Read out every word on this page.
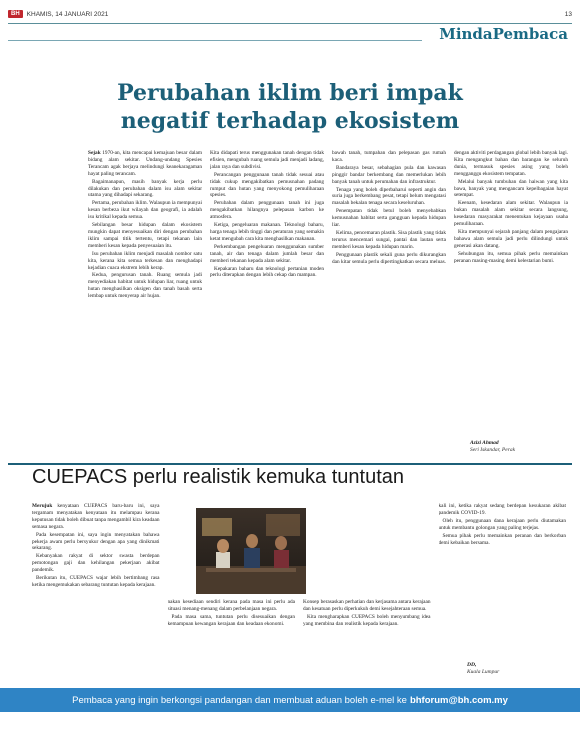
BH	KHAMIS, 14 JANUARI 2021	13
MindaPembaca
Perubahan iklim beri impak
negatif terhadap ekosistem

Sejak 1970-an, kita mencapai kemajuan besar dalam bidang alam sekitar. Undang-undang Spesies Terancam agak berjaya melindungi keanekaragaman hayat paling terancam.

Bagaimanapun, masih banyak kerja perlu dilakukan dan perubahan dalam isu alam sekitar utama yang dihadapi sekarang.

Pertama, perubahan iklim. Walaupun ia mempunyai kesan berbeza ikut wilayah dan geografi, ia adalah isu kritikal kepada semua.

Sebilangan besar hidupan dalam ekosistem mungkin dapat menyesuaikan diri dengan perubahan iklim sampai titik tertentu, tetapi tekanan lain memberi kesan kepada penyesuaian itu.

Isu perubahan iklim menjadi masalah nombor satu kita, kerana kita semua terkesan dan menghadapi kejadian cuaca ekstrem lebih kerap.

Kedua, pengurusan tanah. Ruang semula jadi menyediakan habitat untuk hidupan liar, ruang untuk hutan menghasilkan oksigen dan tanah basah serta lembap untuk menyerap air hujan.

Kita didapati terus menggunakan tanah dengan tidak efisien, mengubah ruang semula jadi menjadi ladang, jalan raya dan subdivisi.

Perancangan penggunaan tanah tidak sesuai atau tidak cukup mengakibatkan pemusnahan padang rumput dan hutan yang menyokong pemuliharaan spesies.

Perubahan dalam penggunaan tanah ini juga mengakibatkan hilangnya pelepasan karbon ke atmosfera.

Ketiga, pengeluaran makanan. Teknologi baharu, harga tenaga lebih tinggi dan peraturan yang semakin ketat mengubah cara kita menghasilkan makanan.

Perkembangan pengeluaran menggunakan sumber tanah, air dan tenaga dalam jumlah besar dan memberi tekanan kepada alam sekitar.

Kepakaran baharu dan teknologi pertanian moden perlu diterapkan dengan lebih cekap dan mampan.

bawah tanah, tumpahan dan pelepasan gas rumah kaca.

Bandaraya besar, sebahagian pula dan kawasan pinggir bandar berkembang dan memerlukan lebih banyak tanah untuk perumahan dan infrastruktur.

Tenaga yang boleh diperbaharui seperti angin dan suria juga berkembang pesat, tetapi belum mengatasi masalah bekalan tenaga secara keseluruhan.

Penempatan tidak betul boleh menyebabkan kemusnahan habitat serta gangguan kepada hidupan liar.

Kelima, pencemaran plastik. Sisa plastik yang tidak terurus mencemari sungai, pantai dan lautan serta memberi kesan kepada hidupan marin.

Penggunaan plastik sekali guna perlu dikurangkan dan kitar semula perlu dipertingkatkan secara meluas.

dengan aktiviti perdagangan global lebih banyak lagi. Kita mengangkut bahan dan barangan ke seluruh dunia, termasuk spesies asing yang boleh mengganggu ekosistem tempatan.

Melalui banyak tumbuhan dan haiwan yang kita bawa, banyak yang mengancam kepelbagaian hayat setempat.

Keenam, kesedaran alam sekitar. Walaupun ia bukan masalah alam sekitar secara langsung, kesedaran masyarakat menentukan kejayaan usaha pemuliharaan.

Kita mempunyai sejarah panjang dalam pengajaran bahawa alam semula jadi perlu dilindungi untuk generasi akan datang.

Sehubungan itu, semua pihak perlu memainkan peranan masing-masing demi kelestarian bumi.

Azizi Ahmad
Seri Iskandar, Perak
CUEPACS perlu realistik kemuka tuntutan

Merujuk kenyataan CUEPACS baru-baru ini, saya tergamam menyatakan kenyataan itu melampau kerana keputusan tidak boleh dibuat tanpa mengambil kira keadaan semasa negara.

Pada kesempatan ini, saya ingin menyatakan bahawa pekerja awam perlu bersyukur dengan apa yang dinikmati sekarang.

Kebanyakan rakyat di sektor swasta berdepan pemotongan gaji dan kehilangan pekerjaan akibat pandemik.

Berikutan itu, CUEPACS wajar lebih bertimbang rasa ketika mengemukakan sebarang tuntutan kepada kerajaan.

nakan kesediaan sendiri kerana pada masa ini perlu ada situasi menang-menang dalam perbelanjaan negara.

Pada masa sama, tuntutan perlu disesuaikan dengan kemampuan kewangan kerajaan dan keadaan ekonomi.

Konsep berasaskan perhatian dan kerjasama antara kerajaan dan kesatuan perlu diperkukuh demi kesejahteraan semua.

Kita mengharapkan CUEPACS boleh menyumbang idea yang membina dan realistik kepada kerajaan.

kali ini, ketika rakyat sedang berdepan kesukaran akibat pandemik COVID-19.

Oleh itu, penggunaan dana kerajaan perlu diutamakan untuk membantu golongan yang paling terjejas.

Semua pihak perlu memainkan peranan dan berkorban demi kebaikan bersama.

DD,
Kuala Lumpur
Pembaca yang ingin berkongsi pandangan dan membuat aduan boleh e-mel ke bhforum@bh.com.my
